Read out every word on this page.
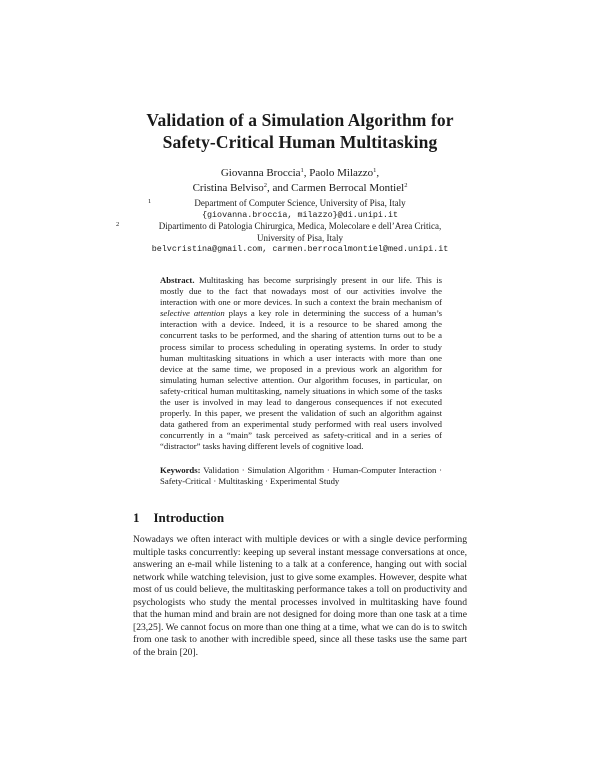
Validation of a Simulation Algorithm for
Safety-Critical Human Multitasking
Giovanna Broccia$^1$, Paolo Milazzo$^1$,
Cristina Belviso$^2$, and Carmen Berrocal Montiel$^2$
1	Department of Computer Science, University of Pisa, Italy
{giovanna.broccia, milazzo}@di.unipi.it
2	Dipartimento di Patologia Chirurgica, Medica, Molecolare e dell’Area Critica,
University of Pisa, Italy
belvcristina@gmail.com, carmen.berrocalmontiel@med.unipi.it

Abstract. Multitasking has become surprisingly present in our life. This is mostly due to the fact that nowadays most of our activities involve the interaction with one or more devices. In such a context the brain mechanism of selective attention plays a key role in determining the success of a human’s interaction with a device. Indeed, it is a resource to be shared among the concurrent tasks to be performed, and the sharing of attention turns out to be a process similar to process scheduling in operating systems. In order to study human multitasking situations in which a user interacts with more than one device at the same time, we proposed in a previous work an algorithm for simulating human selective attention. Our algorithm focuses, in particular, on safety-critical human multitasking, namely situations in which some of the tasks the user is involved in may lead to dangerous consequences if not executed properly. In this paper, we present the validation of such an algorithm against data gathered from an experimental study performed with real users involved concurrently in a “main” task perceived as safety-critical and in a series of “distractor” tasks having different levels of cognitive load.

Keywords: Validation · Simulation Algorithm · Human-Computer Interaction · Safety-Critical · Multitasking · Experimental Study

1 Introduction

Nowadays we often interact with multiple devices or with a single device performing multiple tasks concurrently: keeping up several instant message conversations at once, answering an e-mail while listening to a talk at a conference, hanging out with social network while watching television, just to give some examples. However, despite what most of us could believe, the multitasking performance takes a toll on productivity and psychologists who study the mental processes involved in multitasking have found that the human mind and brain are not designed for doing more than one task at a time [23,25]. We cannot focus on more than one thing at a time, what we can do is to switch from one task to another with incredible speed, since all these tasks use the same part of the brain [20].
